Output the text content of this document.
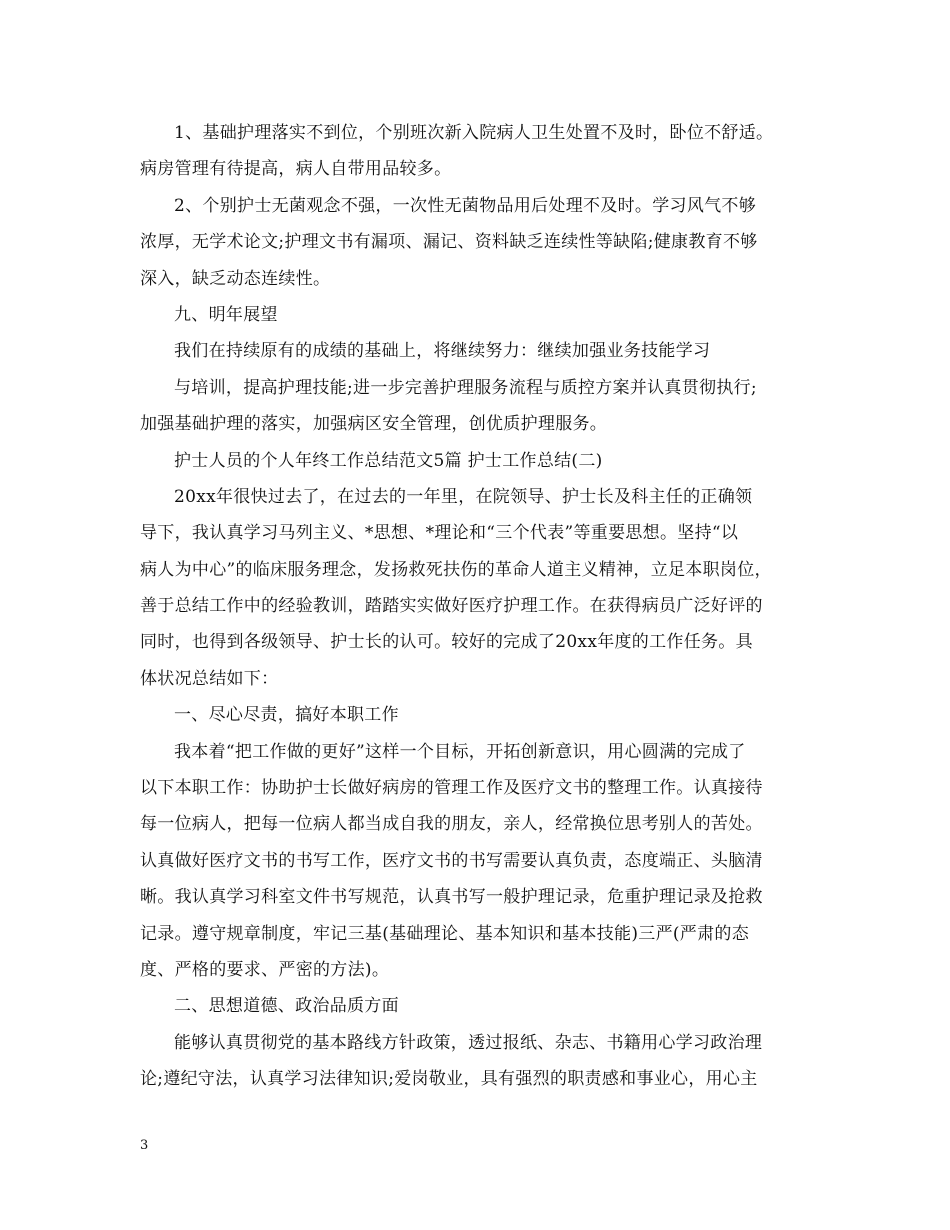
1、基础护理落实不到位，个别班次新入院病人卫生处置不及时，卧位不舒适。
病房管理有待提高，病人自带用品较多。
2、个别护士无菌观念不强，一次性无菌物品用后处理不及时。学习风气不够
浓厚，无学术论文;护理文书有漏项、漏记、资料缺乏连续性等缺陷;健康教育不够
深入，缺乏动态连续性。
九、明年展望
我们在持续原有的成绩的基础上，将继续努力：继续加强业务技能学习
与培训，提高护理技能;进一步完善护理服务流程与质控方案并认真贯彻执行;
加强基础护理的落实，加强病区安全管理，创优质护理服务。
护士人员的个人年终工作总结范文5篇 护士工作总结(二)
20xx年很快过去了，在过去的一年里，在院领导、护士长及科主任的正确领
导下，我认真学习马列主义、*思想、*理论和“三个代表”等重要思想。坚持“以
病人为中心”的临床服务理念，发扬救死扶伤的革命人道主义精神，立足本职岗位，
善于总结工作中的经验教训，踏踏实实做好医疗护理工作。在获得病员广泛好评的
同时，也得到各级领导、护士长的认可。较好的完成了20xx年度的工作任务。具
体状况总结如下：
一、尽心尽责，搞好本职工作
我本着“把工作做的更好”这样一个目标，开拓创新意识，用心圆满的完成了
以下本职工作：协助护士长做好病房的管理工作及医疗文书的整理工作。认真接待
每一位病人，把每一位病人都当成自我的朋友，亲人，经常换位思考别人的苦处。
认真做好医疗文书的书写工作，医疗文书的书写需要认真负责，态度端正、头脑清
晰。我认真学习科室文件书写规范，认真书写一般护理记录，危重护理记录及抢救
记录。遵守规章制度，牢记三基(基础理论、基本知识和基本技能)三严(严肃的态
度、严格的要求、严密的方法)。
二、思想道德、政治品质方面
能够认真贯彻党的基本路线方针政策，透过报纸、杂志、书籍用心学习政治理
论;遵纪守法，认真学习法律知识;爱岗敬业，具有强烈的职责感和事业心，用心主
3
